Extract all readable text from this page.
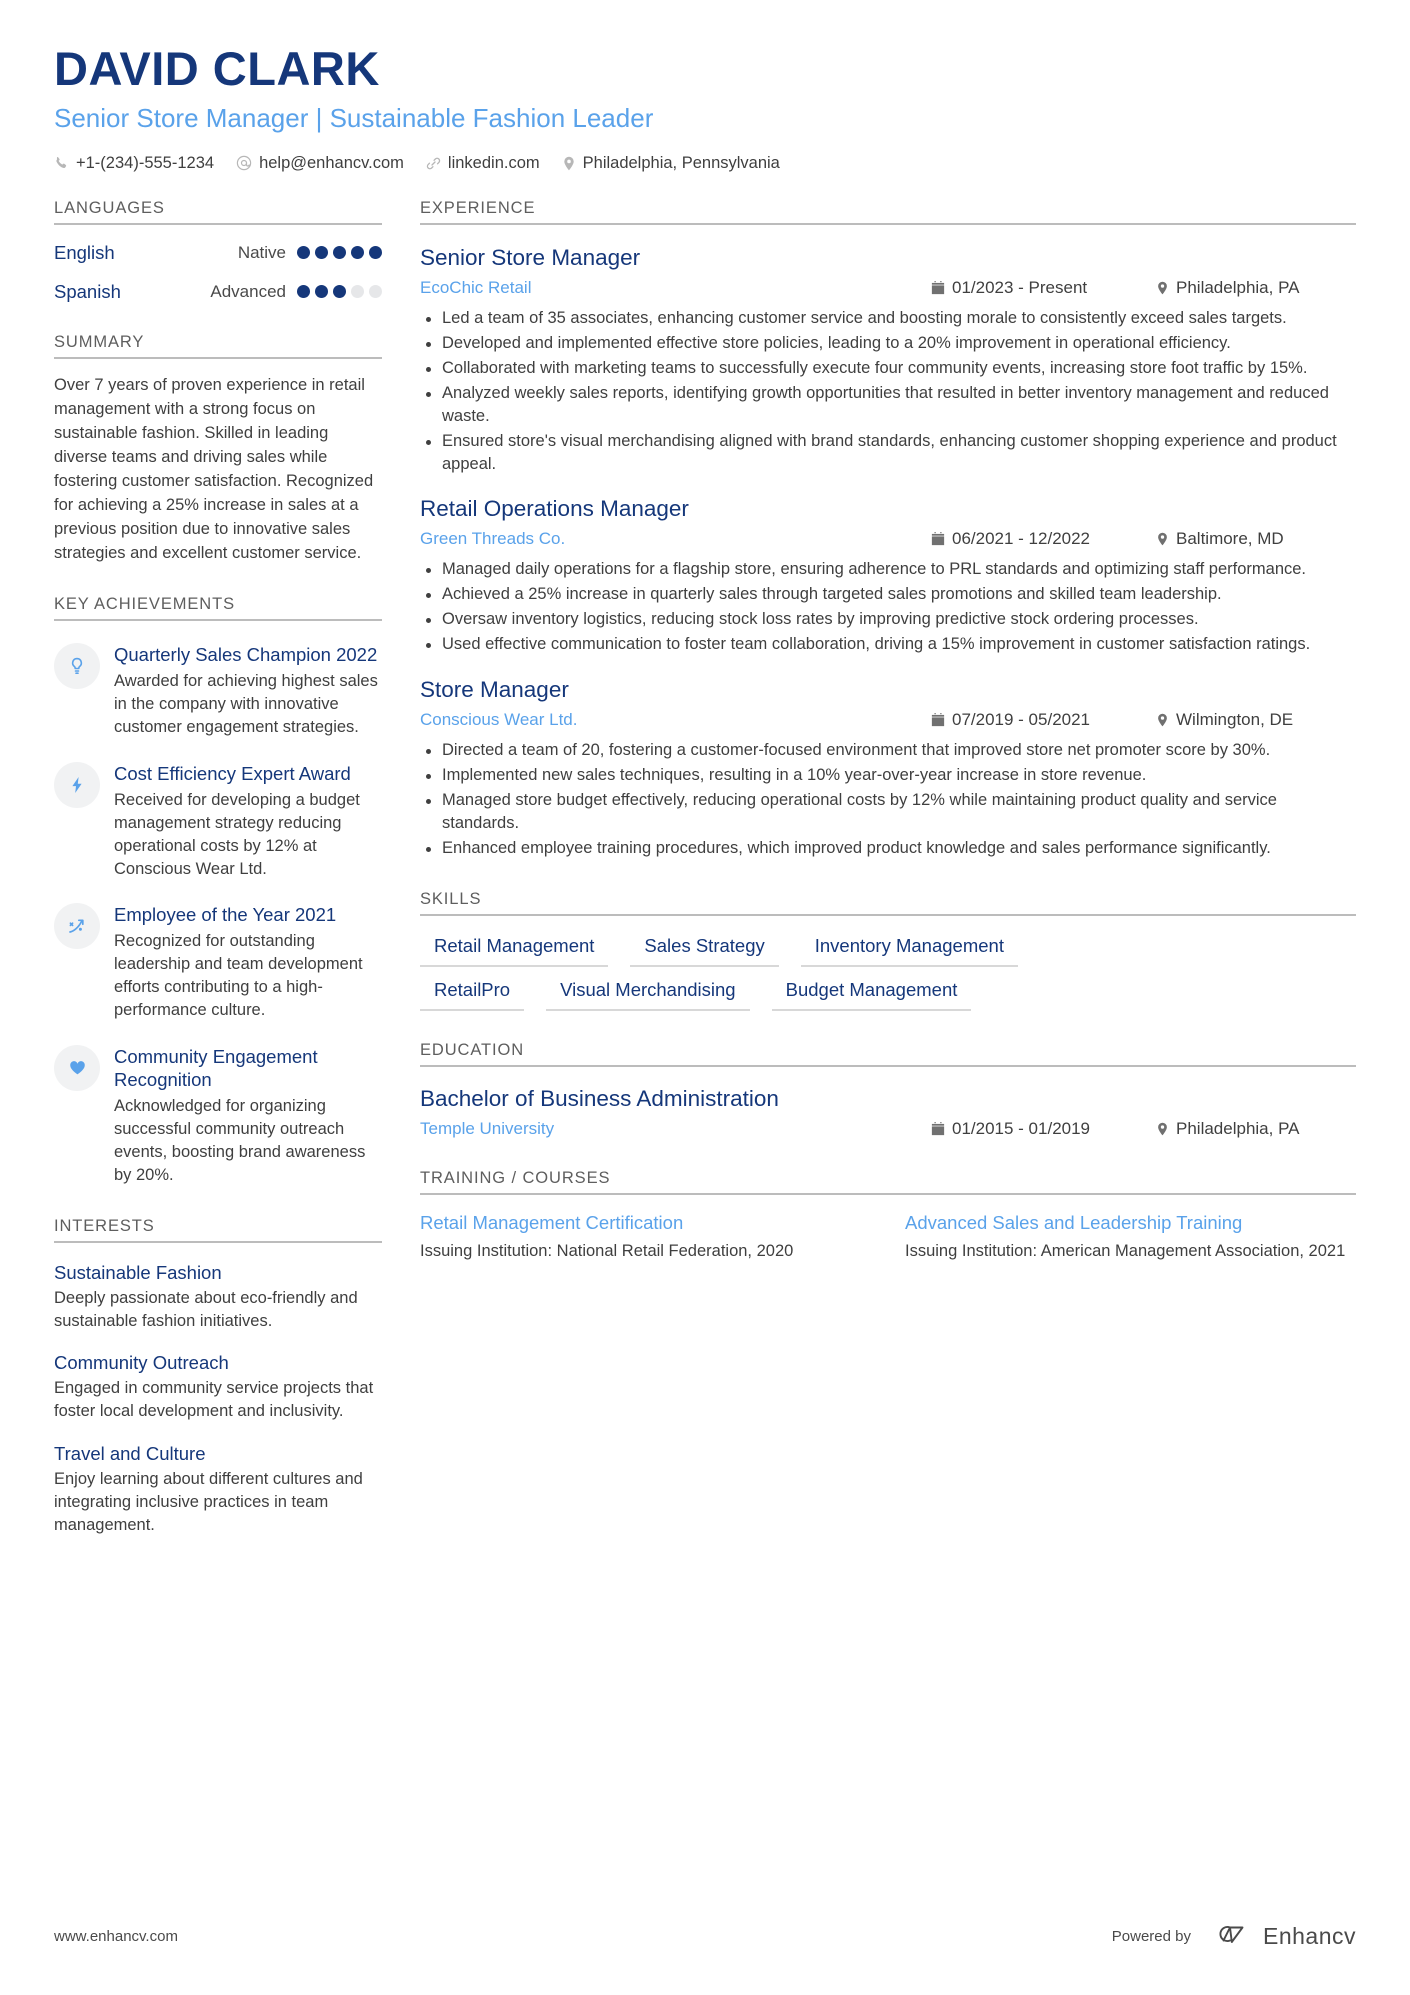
DAVID CLARK
Senior Store Manager | Sustainable Fashion Leader
+1-(234)-555-1234	help@enhancv.com	linkedin.com	Philadelphia, Pennsylvania
LANGUAGES
English	Native
Spanish	Advanced
SUMMARY
Over 7 years of proven experience in retail management with a strong focus on sustainable fashion. Skilled in leading diverse teams and driving sales while fostering customer satisfaction. Recognized for achieving a 25% increase in sales at a previous position due to innovative sales strategies and excellent customer service.
KEY ACHIEVEMENTS
Quarterly Sales Champion 2022
Awarded for achieving highest sales in the company with innovative customer engagement strategies.
Cost Efficiency Expert Award
Received for developing a budget management strategy reducing operational costs by 12% at Conscious Wear Ltd.
Employee of the Year 2021
Recognized for outstanding leadership and team development efforts contributing to a high-performance culture.
Community Engagement Recognition
Acknowledged for organizing successful community outreach events, boosting brand awareness by 20%.
INTERESTS
Sustainable Fashion
Deeply passionate about eco-friendly and sustainable fashion initiatives.
Community Outreach
Engaged in community service projects that foster local development and inclusivity.
Travel and Culture
Enjoy learning about different cultures and integrating inclusive practices in team management.
EXPERIENCE
Senior Store Manager
EcoChic Retail	01/2023 - Present	Philadelphia, PA
Led a team of 35 associates, enhancing customer service and boosting morale to consistently exceed sales targets.
Developed and implemented effective store policies, leading to a 20% improvement in operational efficiency.
Collaborated with marketing teams to successfully execute four community events, increasing store foot traffic by 15%.
Analyzed weekly sales reports, identifying growth opportunities that resulted in better inventory management and reduced waste.
Ensured store's visual merchandising aligned with brand standards, enhancing customer shopping experience and product appeal.
Retail Operations Manager
Green Threads Co.	06/2021 - 12/2022	Baltimore, MD
Managed daily operations for a flagship store, ensuring adherence to PRL standards and optimizing staff performance.
Achieved a 25% increase in quarterly sales through targeted sales promotions and skilled team leadership.
Oversaw inventory logistics, reducing stock loss rates by improving predictive stock ordering processes.
Used effective communication to foster team collaboration, driving a 15% improvement in customer satisfaction ratings.
Store Manager
Conscious Wear Ltd.	07/2019 - 05/2021	Wilmington, DE
Directed a team of 20, fostering a customer-focused environment that improved store net promoter score by 30%.
Implemented new sales techniques, resulting in a 10% year-over-year increase in store revenue.
Managed store budget effectively, reducing operational costs by 12% while maintaining product quality and service standards.
Enhanced employee training procedures, which improved product knowledge and sales performance significantly.
SKILLS
Retail Management	Sales Strategy	Inventory Management
RetailPro	Visual Merchandising	Budget Management
EDUCATION
Bachelor of Business Administration
Temple University	01/2015 - 01/2019	Philadelphia, PA
TRAINING / COURSES
Retail Management Certification
Issuing Institution: National Retail Federation, 2020
Advanced Sales and Leadership Training
Issuing Institution: American Management Association, 2021
www.enhancv.com	Powered by	Enhancv
